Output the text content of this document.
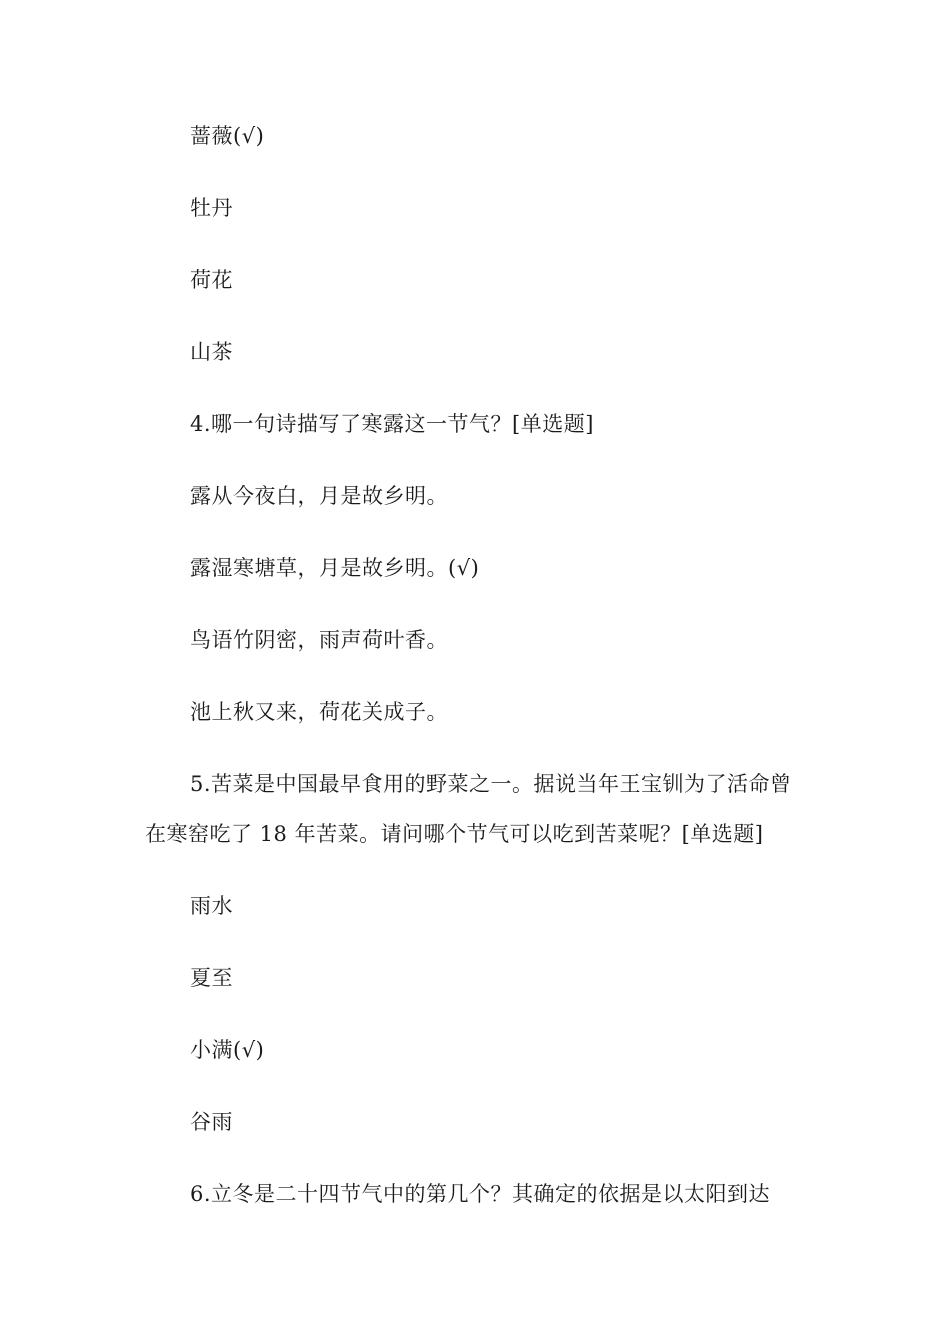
蔷薇(√)
牡丹
荷花
山茶
4.哪一句诗描写了寒露这一节气？[单选题]
露从今夜白，月是故乡明。
露湿寒塘草，月是故乡明。(√)
鸟语竹阴密，雨声荷叶香。
池上秋又来，荷花关成子。
5.苦菜是中国最早食用的野菜之一。据说当年王宝钏为了活命曾
在寒窑吃了 18 年苦菜。请问哪个节气可以吃到苦菜呢？[单选题]
雨水
夏至
小满(√)
谷雨
6.立冬是二十四节气中的第几个？其确定的依据是以太阳到达
